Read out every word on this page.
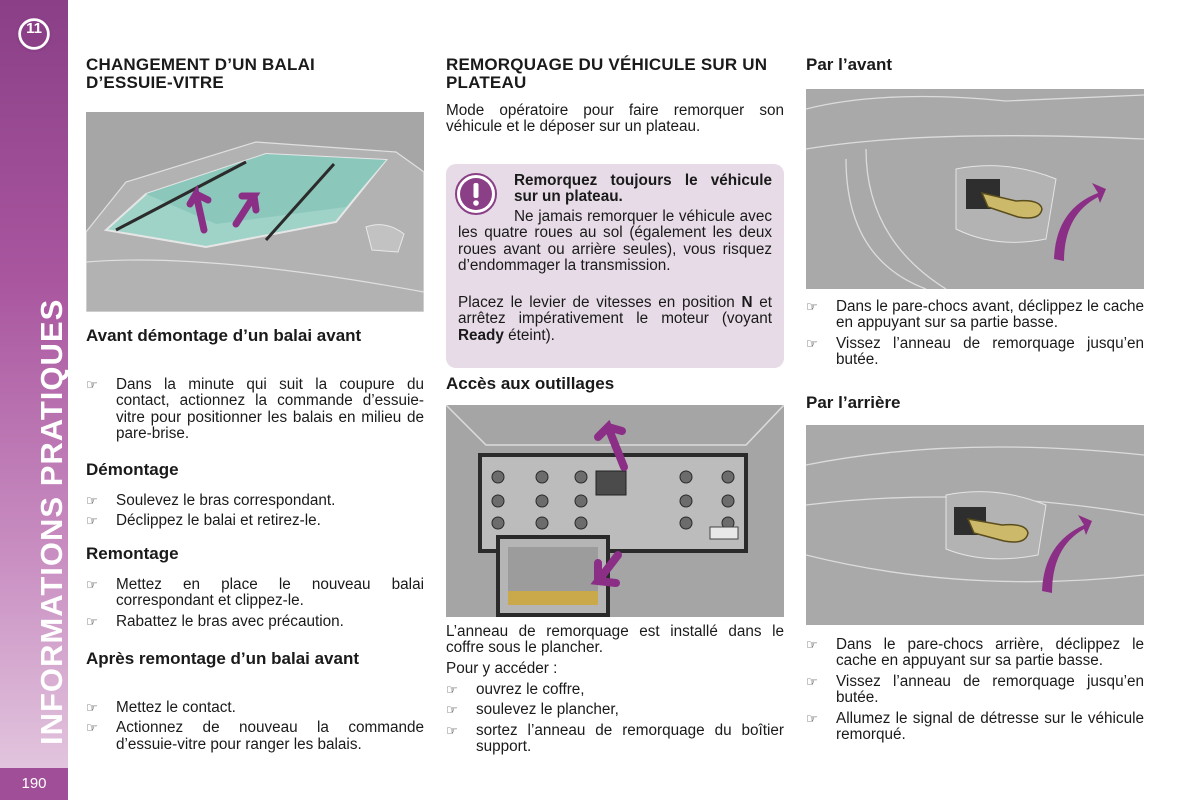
11
INFORMATIONS PRATIQUES
190
CHANGEMENT D’UN BALAI D’ESSUIE-VITRE
Avant démontage d’un balai avant
☞ Dans la minute qui suit la coupure du contact, actionnez la commande d’essuie-vitre pour positionner les balais en milieu de pare-brise.
Démontage
☞ Soulevez le bras correspondant.
☞ Déclippez le balai et retirez-le.
Remontage
☞ Mettez en place le nouveau balai correspondant et clippez-le.
☞ Rabattez le bras avec précaution.
Après remontage d’un balai avant
☞ Mettez le contact.
☞ Actionnez de nouveau la commande d’essuie-vitre pour ranger les balais.
REMORQUAGE DU VÉHICULE SUR UN PLATEAU

Mode opératoire pour faire remorquer son véhicule et le déposer sur un plateau.

Remorquez toujours le véhicule sur un plateau.

Ne jamais remorquer le véhicule avec les quatre roues au sol (également les deux roues avant ou arrière seules), vous risquez d’endommager la transmission.

Placez le levier de vitesses en position N et arrêtez impérativement le moteur (voyant Ready éteint).

Accès aux outillages

L’anneau de remorquage est installé dans le coffre sous le plancher.

Pour y accéder :

☞ ouvrez le coffre,
☞ soulevez le plancher,
☞ sortez l’anneau de remorquage du boîtier support.
Par l’avant
☞ Dans le pare-chocs avant, déclippez le cache en appuyant sur sa partie basse.
☞ Vissez l’anneau de remorquage jusqu’en butée.
Par l’arrière
☞ Dans le pare-chocs arrière, déclippez le cache en appuyant sur sa partie basse.
☞ Vissez l’anneau de remorquage jusqu’en butée.
☞ Allumez le signal de détresse sur le véhicule remorqué.
